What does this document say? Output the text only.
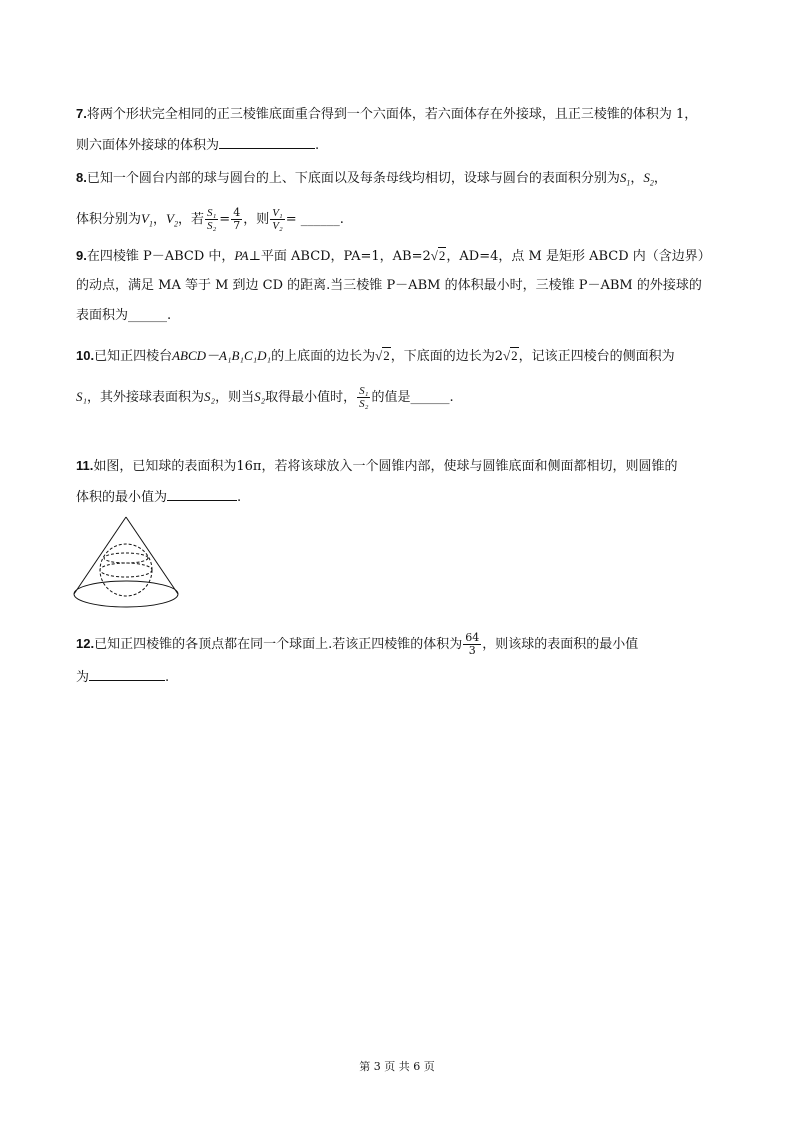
7.将两个形状完全相同的正三棱锥底面重合得到一个六面体，若六面体存在外接球，且正三棱锥的体积为 1，
则六面体外接球的体积为	.
8.已知一个圆台内部的球与圆台的上、下底面以及每条母线均相切，设球与圆台的表面积分别为$S_1$，$S_2$，
体积分别为$V_1$，$V_2$，若 $\frac{\text{S₁}}{\text{S₂}} = \frac{4}{7}$ ，则 $\frac{\text{V₁}}{\text{V₂}}$ = ______.
9.在四棱锥 P－ABCD 中，PA⊥平面 ABCD，PA=1，AB=2√2，AD=4，点 M 是矩形 ABCD 内（含边界）
的动点，满足 MA 等于 M 到边 CD 的距离.当三棱锥 P－ABM 的体积最小时，三棱锥 P－ABM 的外接球的
表面积为______.
10.已知正四棱台ABCD－A₁B₁C₁D₁的上底面的边长为√2，下底面的边长为2√2，记该正四棱台的侧面积为
S₁，其外接球表面积为S₂，则当S₂取得最小值时， $\frac{\text{S₁}}{\text{S₂}}$ 的值是______.
11.如图，已知球的表面积为16π，若将该球放入一个圆锥内部，使球与圆锥底面和侧面都相切，则圆锥的
体积的最小值为	.
12.已知正四棱锥的各顶点都在同一个球面上.若该正四棱锥的体积为 $\frac{64}{3}$ ，则该球的表面积的最小值
为	.
第 3 页 共 6 页
